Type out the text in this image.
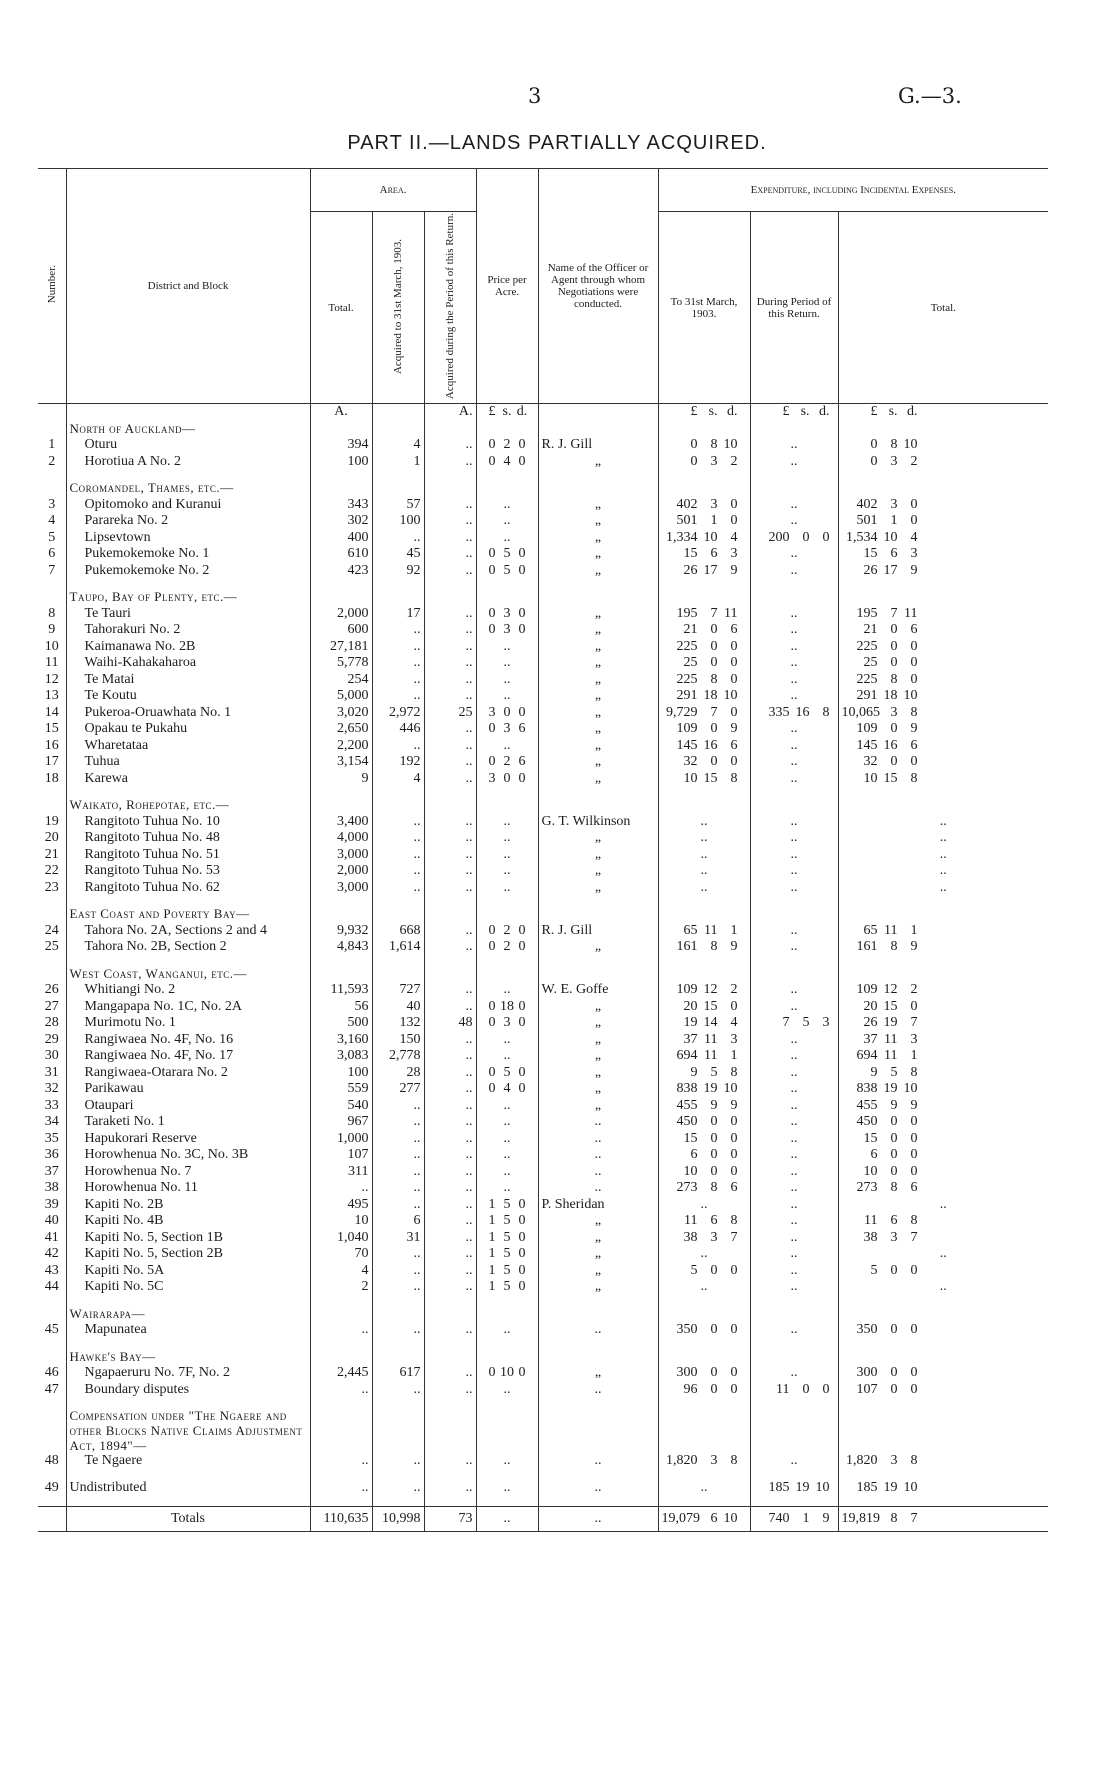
3	G.—3.
PART II.—LANDS PARTIALLY ACQUIRED.
Number.	District and Block	Area.			Price per Acre.	Name of the Officer or Agent through whom Negotiations were conducted.	Expenditure, including Incidental Expenses.		
		Total.	Acquired to 31st March, 1903.	Acquired during the Period of this Return.			To 31st March, 1903.	During Period of this Return.	Total.
		A.		A.	£ s. d.		£ s. d.	£ s. d.	£ s. d.
	North of Auckland—								
1	Oturu	394	4	..	0 2 0	R. J. Gill	0 8 10	..	0 8 10
2	Horotiua A No. 2	100	1	..	0 4 0	„	0 3 2	..	0 3 2

	Coromandel, Thames, etc.—								
3	Opitomoko and Kuranui	343	57	..	..	„	402 3 0	..	402 3 0
4	Parareka No. 2	302	100	..	..	„	501 1 0	..	501 1 0
5	Lipsevtown	400	..	..	..	„	1,334 10 4	200 0 0	1,534 10 4
6	Pukemokemoke No. 1	610	45	..	0 5 0	„	15 6 3	..	15 6 3
7	Pukemokemoke No. 2	423	92	..	0 5 0	„	26 17 9	..	26 17 9

	Taupo, Bay of Plenty, etc.—								
8	Te Tauri	2,000	17	..	0 3 0	„	195 7 11	..	195 7 11
9	Tahorakuri No. 2	600	..	..	0 3 0	„	21 0 6	..	21 0 6
10	Kaimanawa No. 2B	27,181	..	..	..	„	225 0 0	..	225 0 0
11	Waihi-Kahakaharoa	5,778	..	..	..	„	25 0 0	..	25 0 0
12	Te Matai	254	..	..	..	„	225 8 0	..	225 8 0
13	Te Koutu	5,000	..	..	..	„	291 18 10	..	291 18 10
14	Pukeroa-Oruawhata No. 1	3,020	2,972	25	3 0 0	„	9,729 7 0	335 16 8	10,065 3 8
15	Opakau te Pukahu	2,650	446	..	0 3 6	„	109 0 9	..	109 0 9
16	Wharetataa	2,200	..	..	..	„	145 16 6	..	145 16 6
17	Tuhua	3,154	192	..	0 2 6	„	32 0 0	..	32 0 0
18	Karewa	9	4	..	3 0 0	„	10 15 8	..	10 15 8

	Waikato, Rohepotae, etc.—								
19	Rangitoto Tuhua No. 10	3,400	..	..	..	G. T. Wilkinson	..	..	..
20	Rangitoto Tuhua No. 48	4,000	..	..	..	„	..	..	..
21	Rangitoto Tuhua No. 51	3,000	..	..	..	„	..	..	..
22	Rangitoto Tuhua No. 53	2,000	..	..	..	„	..	..	..
23	Rangitoto Tuhua No. 62	3,000	..	..	..	„	..	..	..

	East Coast and Poverty Bay—								
24	Tahora No. 2A, Sections 2 and 4	9,932	668	..	0 2 0	R. J. Gill	65 11 1	..	65 11 1
25	Tahora No. 2B, Section 2	4,843	1,614	..	0 2 0	„	161 8 9	..	161 8 9

	West Coast, Wanganui, etc.—								
26	Whitiangi No. 2	11,593	727	..	..	W. E. Goffe	109 12 2	..	109 12 2
27	Mangapapa No. 1C, No. 2A	56	40	..	0 18 0	„	20 15 0	..	20 15 0
28	Murimotu No. 1	500	132	48	0 3 0	„	19 14 4	7 5 3	26 19 7
29	Rangiwaea No. 4F, No. 16	3,160	150	..	..	„	37 11 3	..	37 11 3
30	Rangiwaea No. 4F, No. 17	3,083	2,778	..	..	„	694 11 1	..	694 11 1
31	Rangiwaea-Otarara No. 2	100	28	..	0 5 0	„	9 5 8	..	9 5 8
32	Parikawau	559	277	..	0 4 0	„	838 19 10	..	838 19 10
33	Otaupari	540	..	..	..	„	455 9 9	..	455 9 9
34	Taraketi No. 1	967	..	..	..	..	450 0 0	..	450 0 0
35	Hapukorari Reserve	1,000	..	..	..	..	15 0 0	..	15 0 0
36	Horowhenua No. 3C, No. 3B	107	..	..	..	..	6 0 0	..	6 0 0
37	Horowhenua No. 7	311	..	..	..	..	10 0 0	..	10 0 0
38	Horowhenua No. 11	..	..	..	..	..	273 8 6	..	273 8 6
39	Kapiti No. 2B	495	..	..	1 5 0	P. Sheridan	..	..	..
40	Kapiti No. 4B	10	6	..	1 5 0	„	11 6 8	..	11 6 8
41	Kapiti No. 5, Section 1B	1,040	31	..	1 5 0	„	38 3 7	..	38 3 7
42	Kapiti No. 5, Section 2B	70	..	..	1 5 0	„	..	..	..
43	Kapiti No. 5A	4	..	..	1 5 0	„	5 0 0	..	5 0 0
44	Kapiti No. 5C	2	..	..	1 5 0	„	..	..	..

	Wairarapa—								
45	Mapunatea	..	..	..	..	..	350 0 0	..	350 0 0

	Hawke's Bay—								
46	Ngapaeruru No. 7F, No. 2	2,445	617	..	0 10 0	„	300 0 0	..	300 0 0
47	Boundary disputes	..	..	..	..	..	96 0 0	11 0 0	107 0 0

	Compensation under "The Ngaere and other Blocks Native Claims Adjustment Act, 1894"—								
48	Te Ngaere	..	..	..	..	..	1,820 3 8	..	1,820 3 8

49	Undistributed	..	..	..	..	..	..	185 19 10	185 19 10

	Totals	110,635	10,998	73	..	..	19,079 6 10	740 1 9	19,819 8 7
